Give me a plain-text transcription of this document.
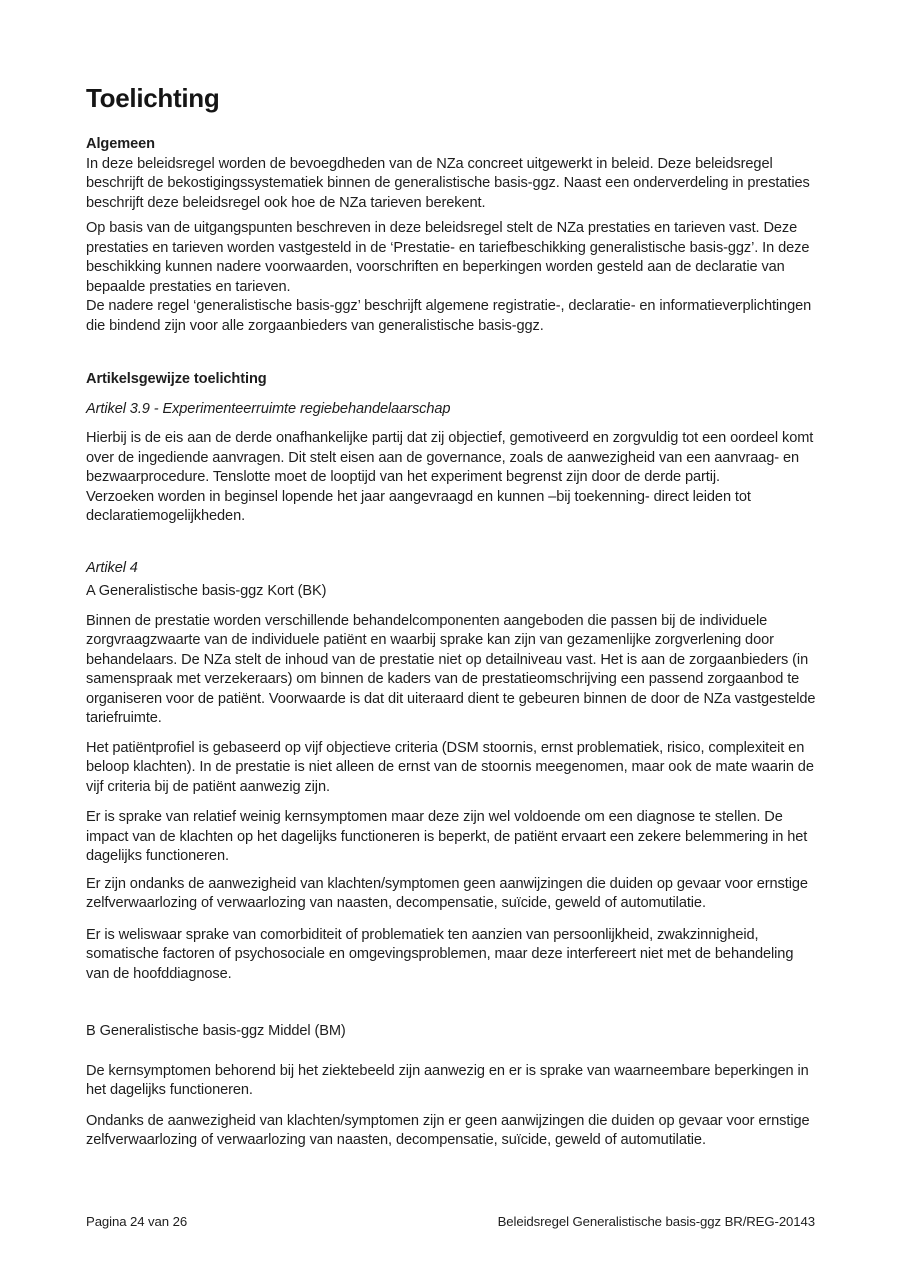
Toelichting
Algemeen

In deze beleidsregel worden de bevoegdheden van de NZa concreet uitgewerkt in beleid. Deze beleidsregel beschrijft de bekostigingssystematiek binnen de generalistische basis-ggz. Naast een onderverdeling in prestaties beschrijft deze beleidsregel ook hoe de NZa tarieven berekent.

Op basis van de uitgangspunten beschreven in deze beleidsregel stelt de NZa prestaties en tarieven vast. Deze prestaties en tarieven worden vastgesteld in de ‘Prestatie- en tariefbeschikking generalistische basis-ggz’. In deze beschikking kunnen nadere voorwaarden, voorschriften en beperkingen worden gesteld aan de declaratie van bepaalde prestaties en tarieven.

De nadere regel ‘generalistische basis-ggz’ beschrijft algemene registratie-, declaratie- en informatieverplichtingen die bindend zijn voor alle zorgaanbieders van generalistische basis-ggz.

Artikelsgewijze toelichting
Artikel 3.9 - Experimenteerruimte regiebehandelaarschap

Hierbij is de eis aan de derde onafhankelijke partij dat zij objectief, gemotiveerd en zorgvuldig tot een oordeel komt over de ingediende aanvragen. Dit stelt eisen aan de governance, zoals de aanwezigheid van een aanvraag- en bezwaarprocedure. Tenslotte moet de looptijd van het experiment begrenst zijn door de derde partij.

Verzoeken worden in beginsel lopende het jaar aangevraagd en kunnen –bij toekenning- direct leiden tot declaratiemogelijkheden.

Artikel 4
A Generalistische basis-ggz Kort (BK)

Binnen de prestatie worden verschillende behandelcomponenten aangeboden die passen bij de individuele zorgvraagzwaarte van de individuele patiënt en waarbij sprake kan zijn van gezamenlijke zorgverlening door behandelaars. De NZa stelt de inhoud van de prestatie niet op detailniveau vast. Het is aan de zorgaanbieders (in samenspraak met verzekeraars) om binnen de kaders van de prestatieomschrijving een passend zorgaanbod te organiseren voor de patiënt. Voorwaarde is dat dit uiteraard dient te gebeuren binnen de door de NZa vastgestelde tariefruimte.

Het patiëntprofiel is gebaseerd op vijf objectieve criteria (DSM stoornis, ernst problematiek, risico, complexiteit en beloop klachten). In de prestatie is niet alleen de ernst van de stoornis meegenomen, maar ook de mate waarin de vijf criteria bij de patiënt aanwezig zijn.

Er is sprake van relatief weinig kernsymptomen maar deze zijn wel voldoende om een diagnose te stellen. De impact van de klachten op het dagelijks functioneren is beperkt, de patiënt ervaart een zekere belemmering in het dagelijks functioneren.

Er zijn ondanks de aanwezigheid van klachten/symptomen geen aanwijzingen die duiden op gevaar voor ernstige zelfverwaarlozing of verwaarlozing van naasten, decompensatie, suïcide, geweld of automutilatie.

Er is weliswaar sprake van comorbiditeit of problematiek ten aanzien van persoonlijkheid, zwakzinnigheid, somatische factoren of psychosociale en omgevingsproblemen, maar deze interfereert niet met de behandeling van de hoofddiagnose.

B Generalistische basis-ggz Middel (BM)

De kernsymptomen behorend bij het ziektebeeld zijn aanwezig en er is sprake van waarneembare beperkingen in het dagelijks functioneren.

Ondanks de aanwezigheid van klachten/symptomen zijn er geen aanwijzingen die duiden op gevaar voor ernstige zelfverwaarlozing of verwaarlozing van naasten, decompensatie, suïcide, geweld of automutilatie.

Pagina 24 van 26	Beleidsregel Generalistische basis-ggz BR/REG-20143
